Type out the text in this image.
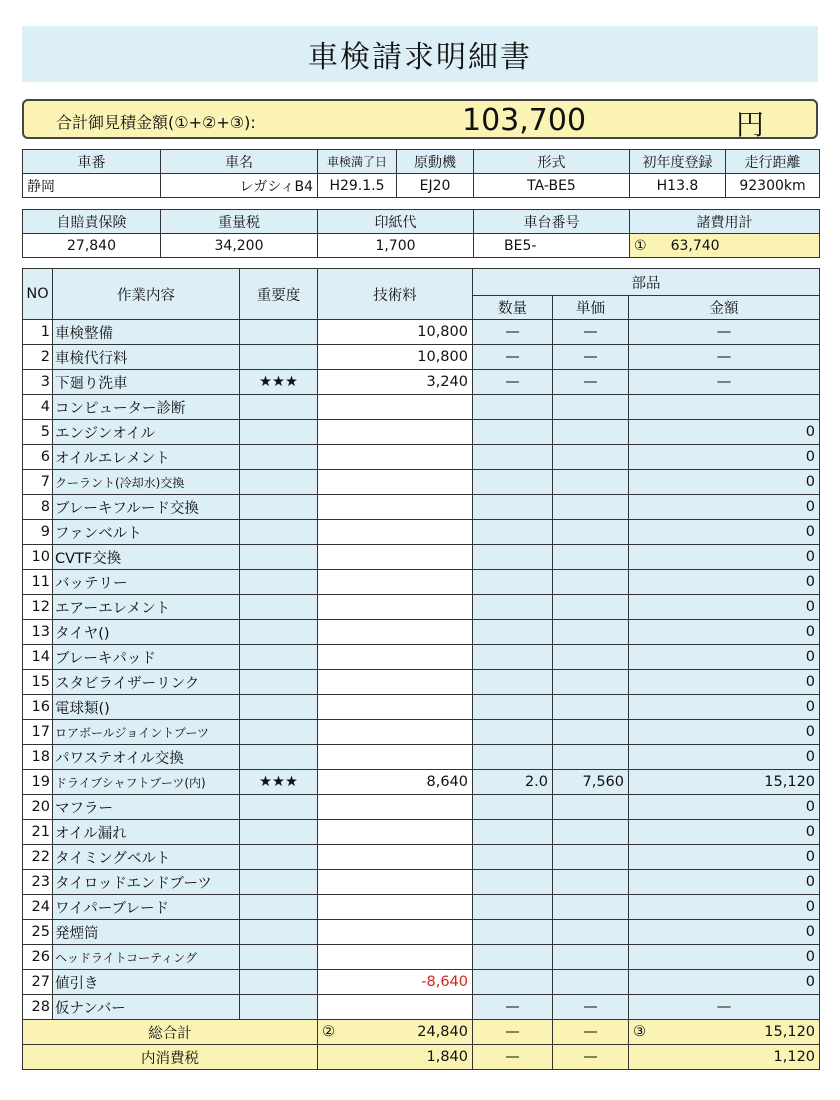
車検請求明細書
合計御見積金額(①+②+③):	103,700	円
車番	車名	車検満了日	原動機	形式	初年度登録	走行距離
静岡	レガシィB4	H29.1.5	EJ20	TA-BE5	H13.8	92300km
自賠責保険	重量税	印紙代	車台番号	諸費用計
27,840	34,200	1,700	BE5-	① 63,740
NO	作業内容	重要度	技術料	部品		
				数量	単価	金額
1	車検整備		10,800	—	—	—
2	車検代行料		10,800	—	—	—
3	下廻り洗車	★★★	3,240	—	—	—
4	コンピューター診断					
5	エンジンオイル					0
6	オイルエレメント					0
7	クーラント(冷却水)交換					0
8	ブレーキフルード交換					0
9	ファンベルト					0
10	CVTF交換					0
11	バッテリー					0
12	エアーエレメント					0
13	タイヤ()					0
14	ブレーキパッド					0
15	スタビライザーリンク					0
16	電球類()					0
17	ロアボールジョイントブーツ					0
18	パワステオイル交換					0
19	ドライブシャフトブーツ(内)	★★★	8,640	2.0	7,560	15,120
20	マフラー					0
21	オイル漏れ					0
22	タイミングベルト					0
23	タイロッドエンドブーツ					0
24	ワイパーブレード					0
25	発煙筒					0
26	ヘッドライトコーティング					0
27	値引き		-8,640			0
28	仮ナンバー			—	—	—
総合計			② 24,840	—	—	③ 15,120
内消費税			1,840	—	—	1,120
